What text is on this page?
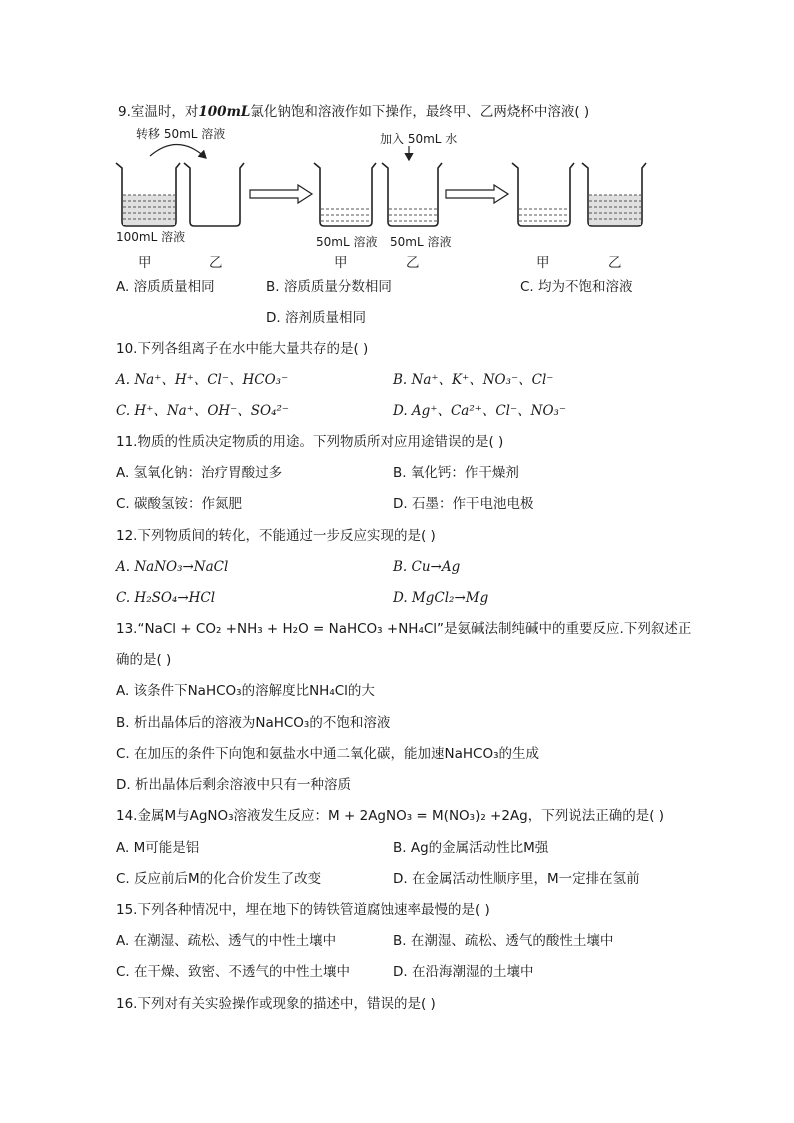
9.室温时，对100mL氯化钠饱和溶液作如下操作，最终甲、乙两烧杯中溶液( )
转移 50mL 溶液	加入 50mL 水
100mL 溶液	50mL 溶液 50mL 溶液
甲	乙	甲	乙	甲	乙
A. 溶质质量相同	B. 溶质质量分数相同	C. 均为不饱和溶液
D. 溶剂质量相同
10.下列各组离子在水中能大量共存的是( )
A. Na⁺、H⁺、Cl⁻、HCO₃⁻	B. Na⁺、K⁺、NO₃⁻、Cl⁻
C. H⁺、Na⁺、OH⁻、SO₄²⁻	D. Ag⁺、Ca²⁺、Cl⁻、NO₃⁻
11.物质的性质决定物质的用途。下列物质所对应用途错误的是( )
A. 氢氧化钠：治疗胃酸过多	B. 氧化钙：作干燥剂
C. 碳酸氢铵：作氮肥	D. 石墨：作干电池电极
12.下列物质间的转化，不能通过一步反应实现的是( )
A. NaNO₃→NaCl	B. Cu→Ag
C. H₂SO₄→HCl	D. MgCl₂→Mg
13.“NaCl + CO₂ +NH₃ + H₂O = NaHCO₃ +NH₄Cl”是氨碱法制纯碱中的重要反应.下列叙述正
确的是( )
A. 该条件下NaHCO₃的溶解度比NH₄Cl的大
B. 析出晶体后的溶液为NaHCO₃的不饱和溶液
C. 在加压的条件下向饱和氨盐水中通二氧化碳，能加速NaHCO₃的生成
D. 析出晶体后剩余溶液中只有一种溶质
14.金属M与AgNO₃溶液发生反应：M + 2AgNO₃ = M(NO₃)₂ +2Ag，下列说法正确的是( )
A. M可能是铝	B. Ag的金属活动性比M强
C. 反应前后M的化合价发生了改变	D. 在金属活动性顺序里，M一定排在氢前
15.下列各种情况中，埋在地下的铸铁管道腐蚀速率最慢的是( )
A. 在潮湿、疏松、透气的中性土壤中	B. 在潮湿、疏松、透气的酸性土壤中
C. 在干燥、致密、不透气的中性土壤中	D. 在沿海潮湿的土壤中
16.下列对有关实验操作或现象的描述中，错误的是( )
